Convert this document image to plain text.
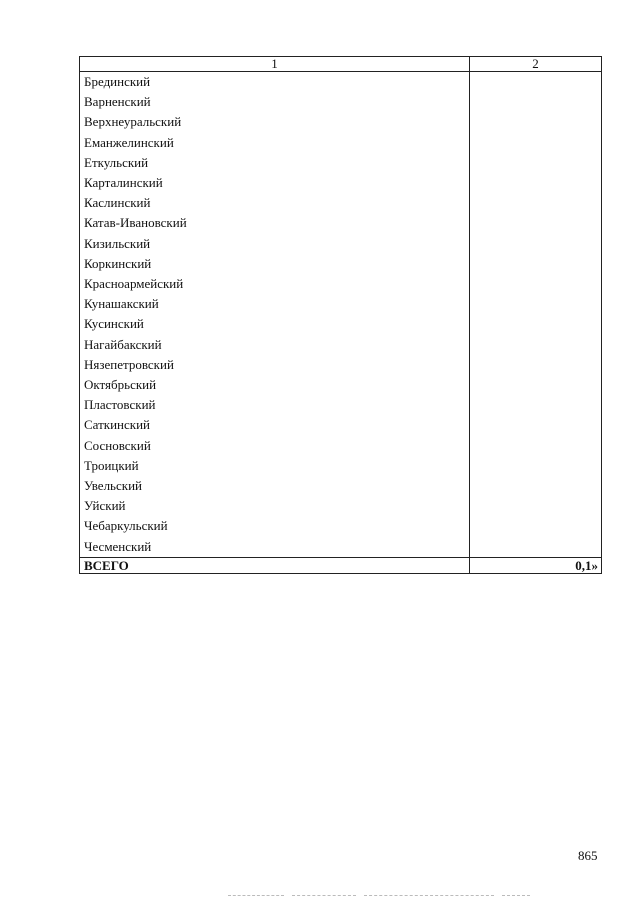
1	2
Брединский	
Варненский	
Верхнеуральский	
Еманжелинский	
Еткульский	
Карталинский	
Каслинский	
Катав-Ивановский	
Кизильский	
Коркинский	
Красноармейский	
Кунашакский	
Кусинский	
Нагайбакский	
Нязепетровский	
Октябрьский	
Пластовский	
Саткинский	
Сосновский	
Троицкий	
Увельский	
Уйский	
Чебаркульский	
Чесменский	
ВСЕГО	0,1»
865
